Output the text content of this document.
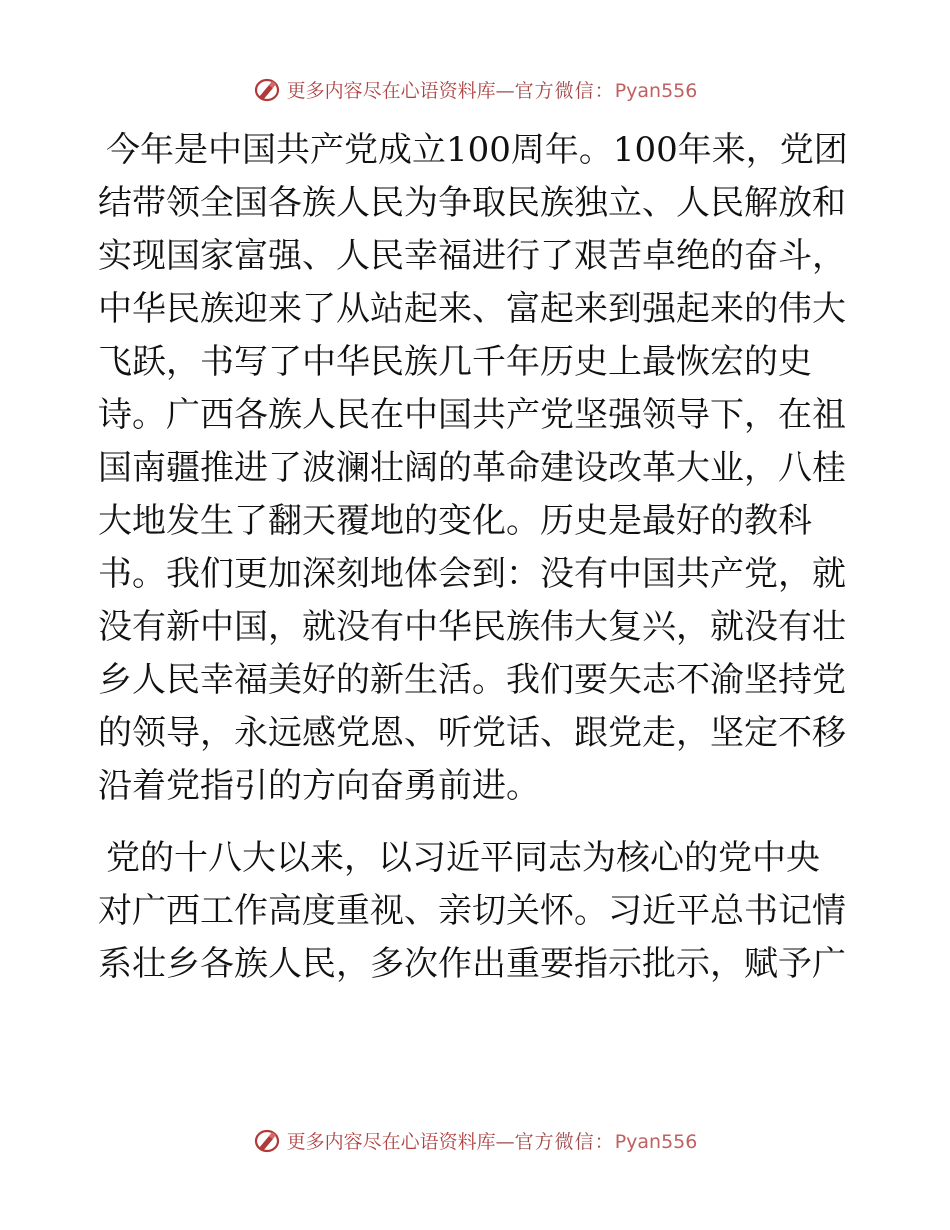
更多内容尽在心语资料库—官方微信：Pyan556

今年是中国共产党成立100周年。100年来，党团结带领全国各族人民为争取民族独立、人民解放和实现国家富强、人民幸福进行了艰苦卓绝的奋斗，中华民族迎来了从站起来、富起来到强起来的伟大飞跃，书写了中华民族几千年历史上最恢宏的史诗。广西各族人民在中国共产党坚强领导下，在祖国南疆推进了波澜壮阔的革命建设改革大业，八桂大地发生了翻天覆地的变化。历史是最好的教科书。我们更加深刻地体会到：没有中国共产党，就没有新中国，就没有中华民族伟大复兴，就没有壮乡人民幸福美好的新生活。我们要矢志不渝坚持党的领导，永远感党恩、听党话、跟党走，坚定不移沿着党指引的方向奋勇前进。

党的十八大以来，以习近平同志为核心的党中央对广西工作高度重视、亲切关怀。习近平总书记情系壮乡各族人民，多次作出重要指示批示，赋予广

更多内容尽在心语资料库—官方微信：Pyan556
